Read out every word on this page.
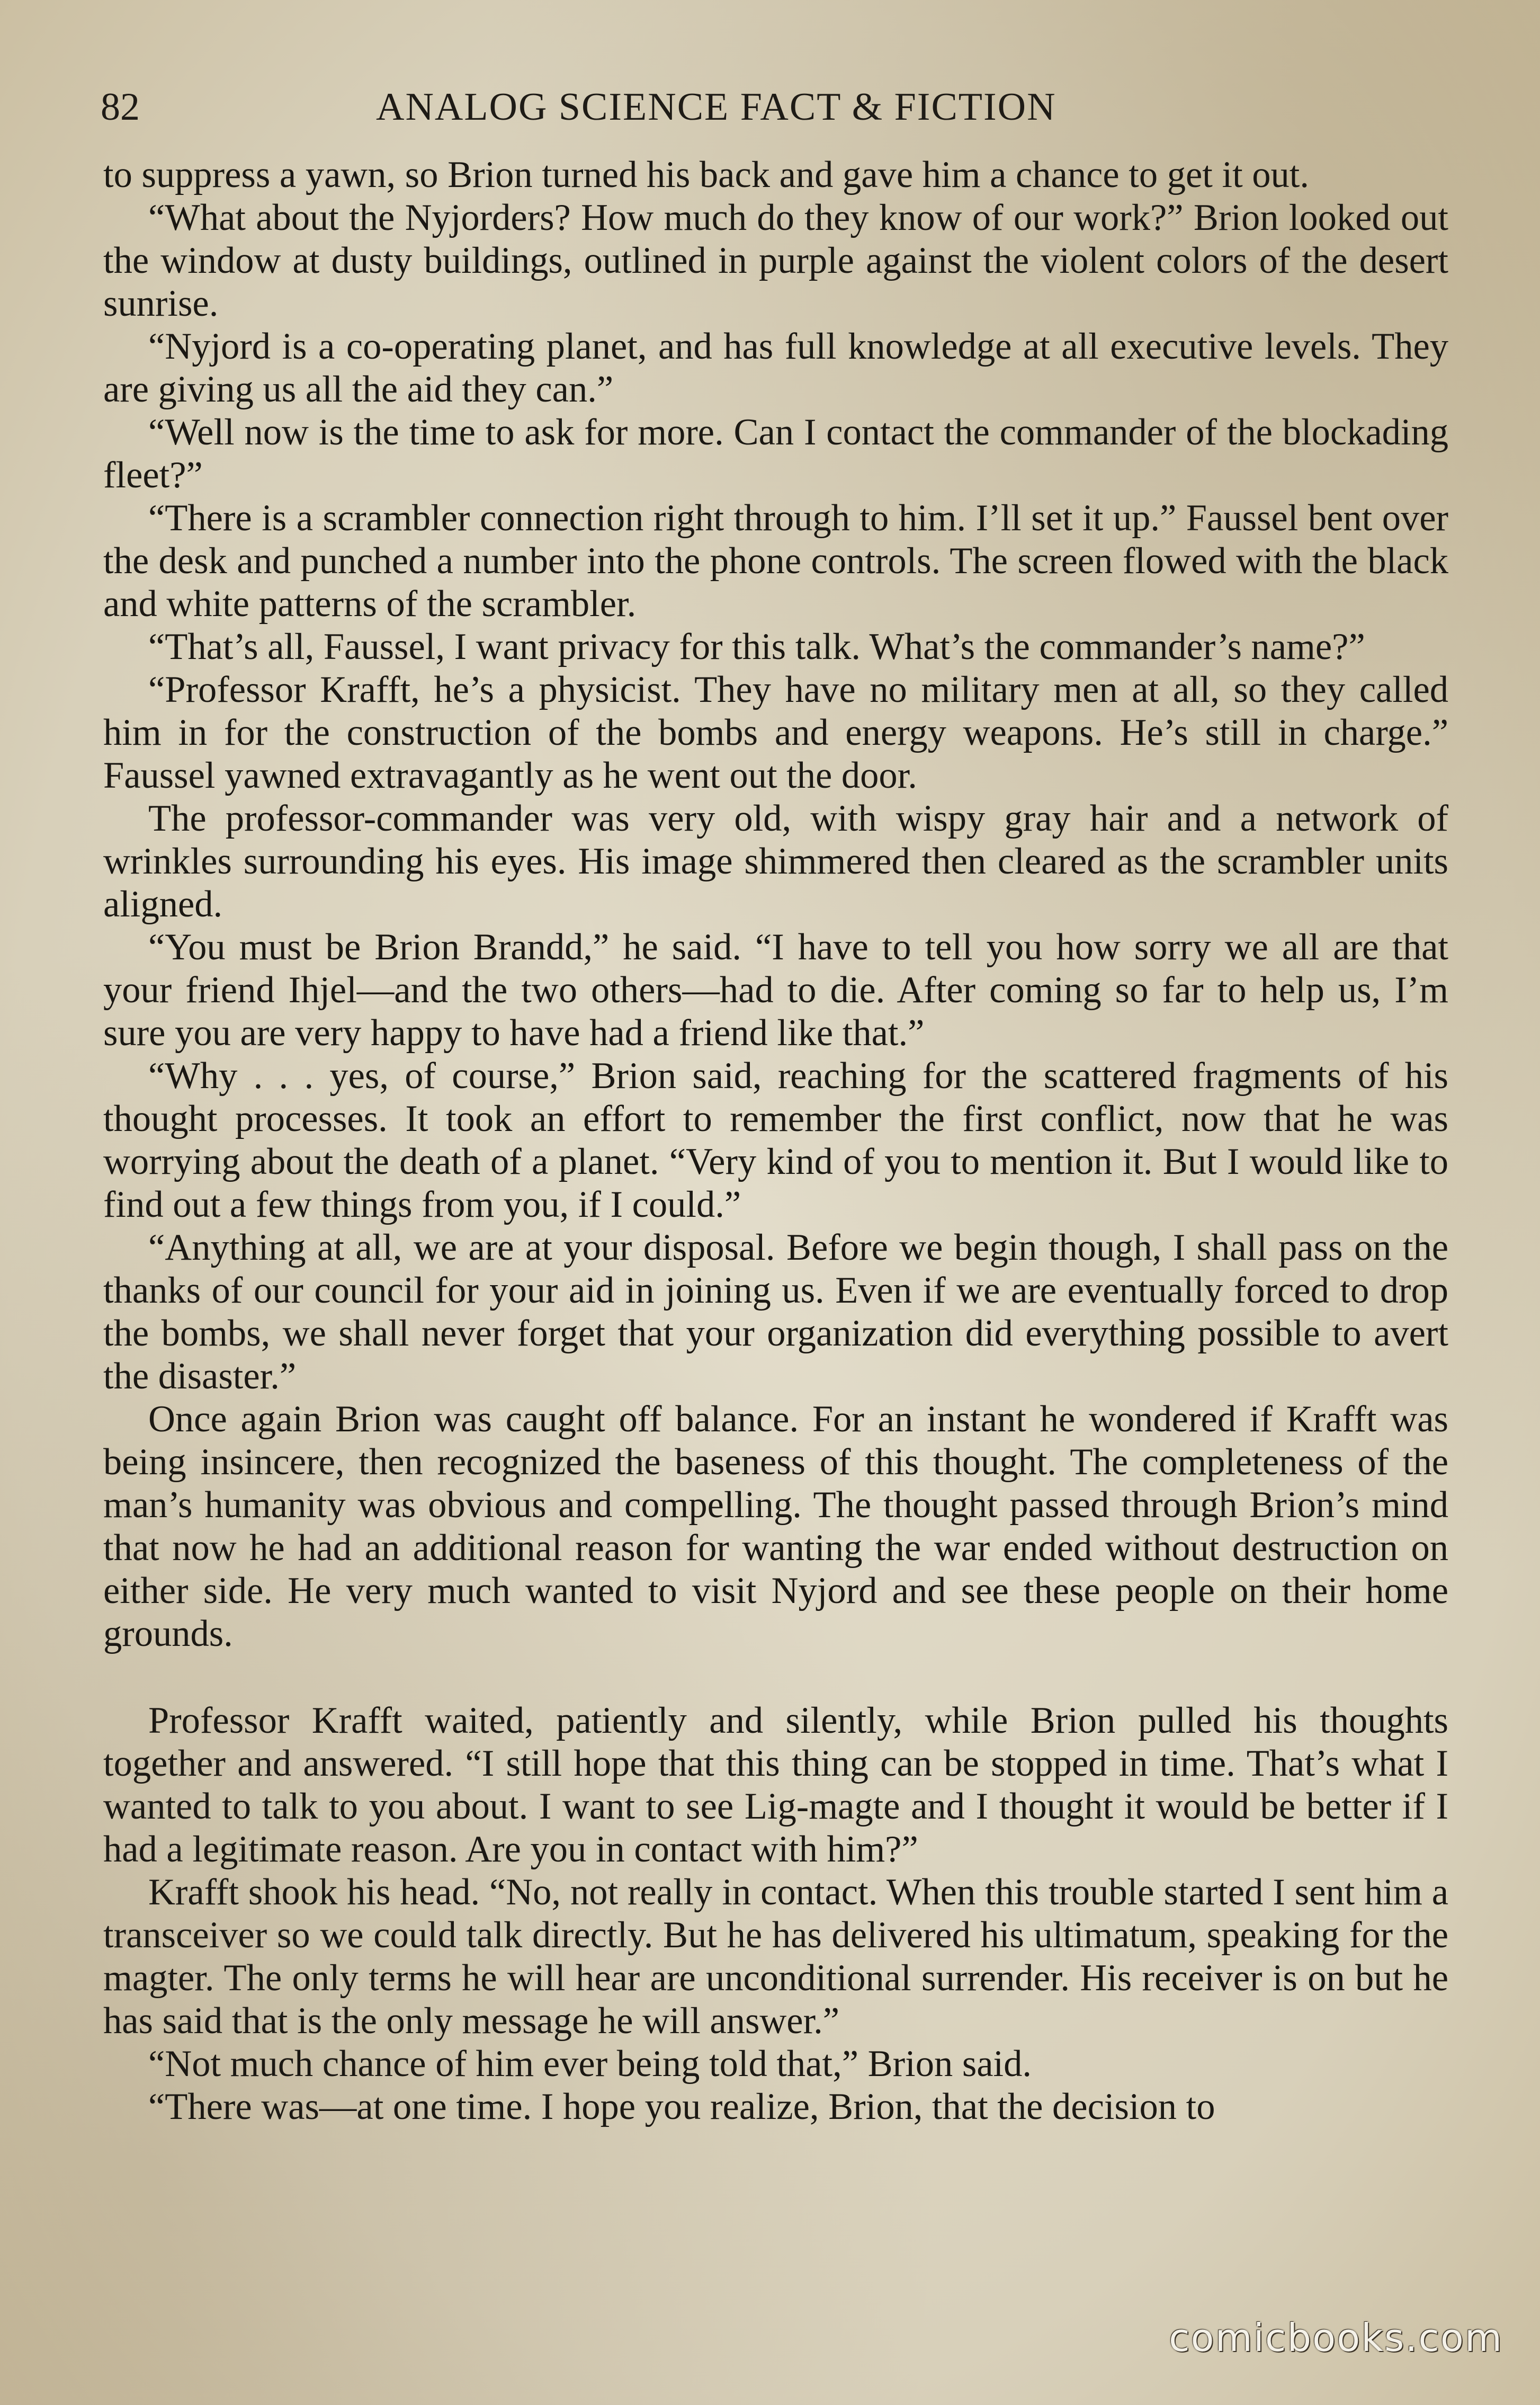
82	ANALOG SCIENCE FACT & FICTION

to suppress a yawn, so Brion turned his back and gave him a chance to get it out.

“What about the Nyjorders? How much do they know of our work?” Brion looked out the window at dusty buildings, outlined in purple against the violent colors of the desert sunrise.

“Nyjord is a co-operating planet, and has full knowledge at all executive levels. They are giving us all the aid they can.”

“Well now is the time to ask for more. Can I contact the commander of the blockading fleet?”

“There is a scrambler connection right through to him. I’ll set it up.” Faussel bent over the desk and punched a number into the phone controls. The screen flowed with the black and white patterns of the scrambler.

“That’s all, Faussel, I want privacy for this talk. What’s the commander’s name?”

“Professor Krafft, he’s a physicist. They have no military men at all, so they called him in for the construction of the bombs and energy weapons. He’s still in charge.” Faussel yawned extravagantly as he went out the door.

The professor-commander was very old, with wispy gray hair and a network of wrinkles surrounding his eyes. His image shimmered then cleared as the scrambler units aligned.

“You must be Brion Brandd,” he said. “I have to tell you how sorry we all are that your friend Ihjel—and the two others—had to die. After coming so far to help us, I’m sure you are very happy to have had a friend like that.”

“Why . . . yes, of course,” Brion said, reaching for the scattered fragments of his thought processes. It took an effort to remember the first conflict, now that he was worrying about the death of a planet. “Very kind of you to mention it. But I would like to find out a few things from you, if I could.”

“Anything at all, we are at your disposal. Before we begin though, I shall pass on the thanks of our council for your aid in joining us. Even if we are eventually forced to drop the bombs, we shall never forget that your organization did everything possible to avert the disaster.”

Once again Brion was caught off balance. For an instant he wondered if Krafft was being insincere, then recognized the baseness of this thought. The completeness of the man’s humanity was obvious and compelling. The thought passed through Brion’s mind that now he had an additional reason for wanting the war ended without destruction on either side. He very much wanted to visit Nyjord and see these people on their home grounds.

Professor Krafft waited, patiently and silently, while Brion pulled his thoughts together and answered. “I still hope that this thing can be stopped in time. That’s what I wanted to talk to you about. I want to see Lig-magte and I thought it would be better if I had a legitimate reason. Are you in contact with him?”

Krafft shook his head. “No, not really in contact. When this trouble started I sent him a transceiver so we could talk directly. But he has delivered his ultimatum, speaking for the magter. The only terms he will hear are unconditional surrender. His receiver is on but he has said that is the only message he will answer.”

“Not much chance of him ever being told that,” Brion said.

“There was—at one time. I hope you realize, Brion, that the decision to

comicbooks.com
